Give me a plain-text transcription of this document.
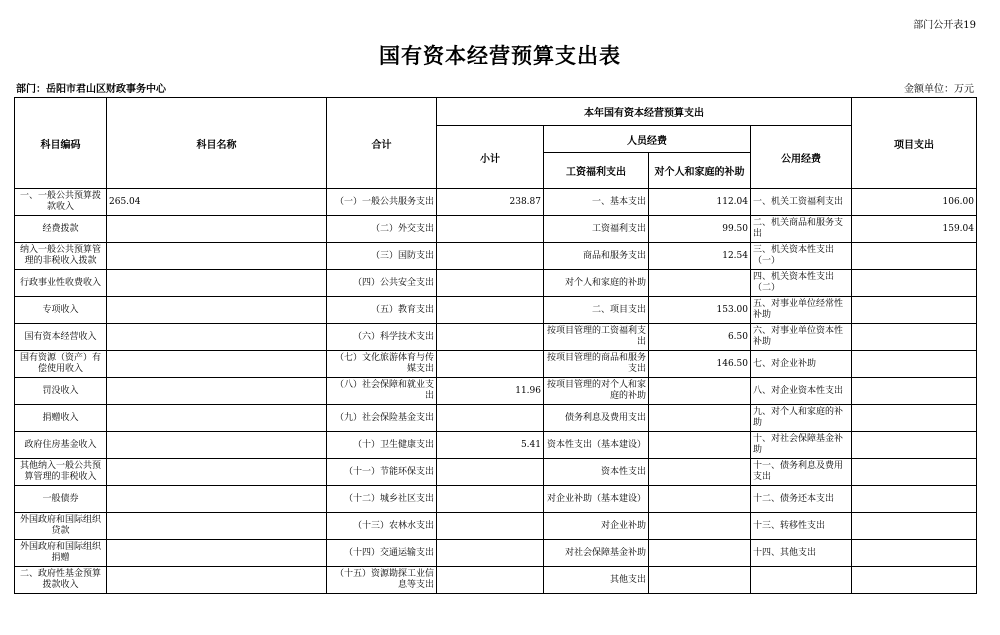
部门公开表19
国有资本经营预算支出表
部门：岳阳市君山区财政事务中心	金额单位：万元
科目编码	科目名称	合计	本年国有资本经营预算支出				项目支出
			小计	人员经费		公用经费	
				工资福利支出	对个人和家庭的补助		
一、一般公共预算拨款收入	265.04	（一）一般公共服务支出	238.87	一、基本支出	112.04	一、机关工资福利支出	106.00
经费拨款		（二）外交支出		工资福利支出	99.50	二、机关商品和服务支出	159.04
纳入一般公共预算管理的非税收入拨款		（三）国防支出		商品和服务支出	12.54	三、机关资本性支出（一）	
行政事业性收费收入		（四）公共安全支出		对个人和家庭的补助		四、机关资本性支出（二）	
专项收入		（五）教育支出		二、项目支出	153.00	五、对事业单位经常性补助	
国有资本经营收入		（六）科学技术支出		按项目管理的工资福利支出	6.50	六、对事业单位资本性补助	
国有资源（资产）有偿使用收入		（七）文化旅游体育与传媒支出		按项目管理的商品和服务支出	146.50	七、对企业补助	
罚没收入		（八）社会保障和就业支出	11.96	按项目管理的对个人和家庭的补助		八、对企业资本性支出	
捐赠收入		（九）社会保险基金支出		债务利息及费用支出		九、对个人和家庭的补助	
政府住房基金收入		（十）卫生健康支出	5.41	资本性支出（基本建设）		十、对社会保障基金补助	
其他纳入一般公共预算管理的非税收入		（十一）节能环保支出		资本性支出		十一、债务利息及费用支出	
一般债券		（十二）城乡社区支出		对企业补助（基本建设）		十二、债务还本支出	
外国政府和国际组织贷款		（十三）农林水支出		对企业补助		十三、转移性支出	
外国政府和国际组织捐赠		（十四）交通运输支出		对社会保障基金补助		十四、其他支出	
二、政府性基金预算拨款收入		（十五）资源勘探工业信息等支出		其他支出			
